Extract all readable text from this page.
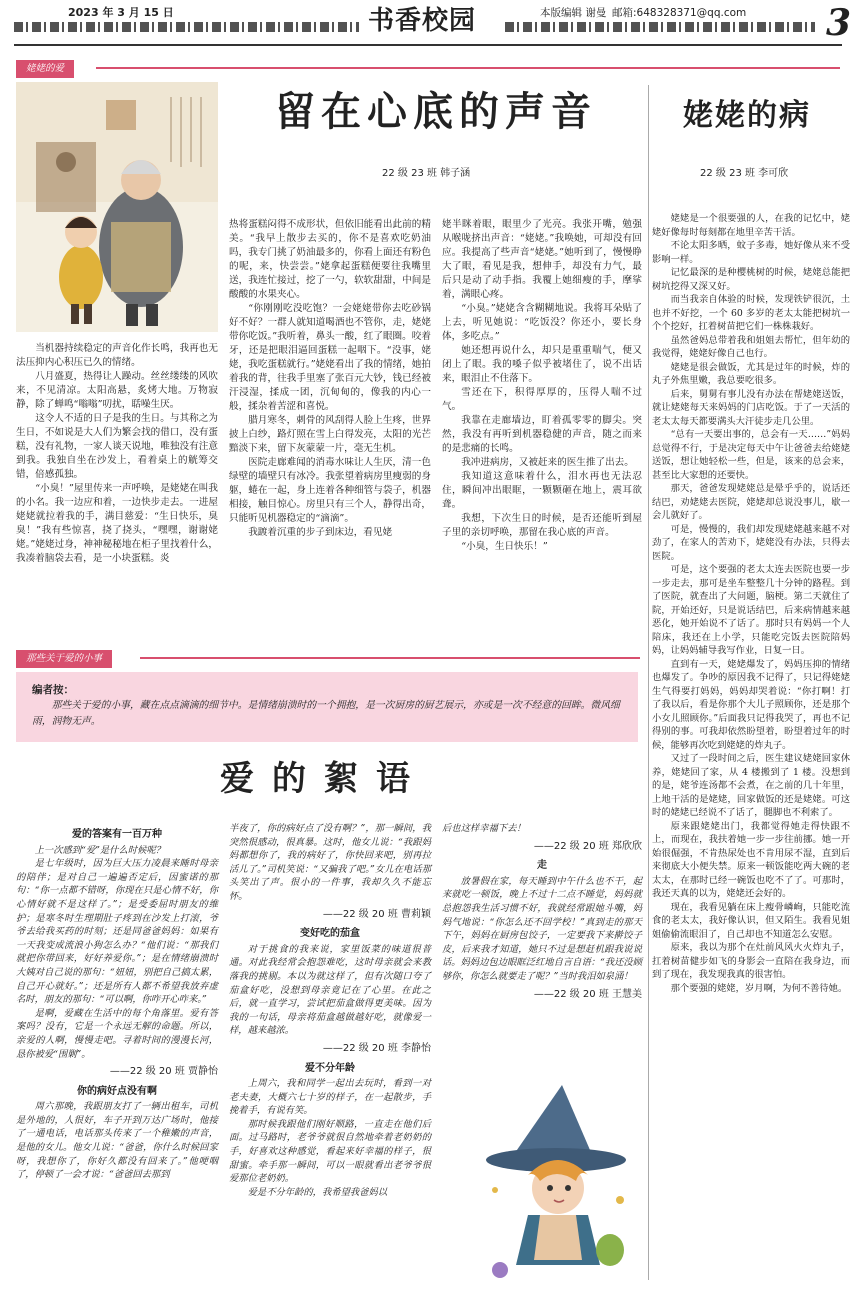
2023 年 3 月 15 日	书香校园	本版编辑 谢曼 邮箱:648328371@qq.com 3
姥姥的爱
留在心底的声音
22 级 23 班 韩子涵
姥姥的病
22 级 23 班 李可欣

当机器持续稳定的声音化作长鸣，我再也无法压抑内心积压已久的情绪。

八月盛夏，热得让人躁动。丝丝缕缕的风吹来，不见清凉。太阳高悬，炙烤大地。万物寂静，除了蝉鸣“嗡嗡”叨扰，聒噪生厌。

这令人不适的日子是我的生日。与其称之为生日，不如说是大人们为繁会找的借口，没有蛋糕，没有礼物，一家人谈天说地，唯独没有注意到我。我独自坐在沙发上，看着桌上的觥筹交错，倍感孤独。

“小臭！”屋里传来一声呼唤，是姥姥在叫我的小名。我一边应和着，一边快步走去。一进屋姥姥就拉着我的手，满目慈爱：“生日快乐，臭臭！”我有些惊喜，挠了挠头，“嘿嘿，谢谢姥姥。”姥姥过身，神神秘秘地在柜子里找着什么，我凑着脑袋去看，是一小块蛋糕。炎

热将蛋糕闷得不成形状，但依旧能看出此前的精美。“我早上散步去买的，你不是喜欢吃奶油吗，我专门挑了奶油最多的，你看上面还有粉色的呢，来，快尝尝。”姥拿起蛋糕便要往我嘴里送，我连忙接过，挖了一勺，软软甜甜，中间是酸酸的水果夹心。

“你刚刚吃没吃饱？一会姥姥带你去吃砂锅好不好？一群人就知道喝酒也不管你，走，姥姥带你吃饭。”我听着，鼻头一酸，红了眼圈。咬着牙，还是把眼泪逼回蛋糕一起咽下。“没事，姥姥，我吃蛋糕就行。”姥姥看出了我的情绪，她拍着我的背，往我手里塞了张百元大钞，钱已经被汗浸湿，揉成一团，沉甸甸的，像我的内心一般，揉杂着苦涩和喜悦。

腊月寒冬，刺骨的风刮得人脸上生疼，世界披上白纱，路灯照在雪上白得发亮，太阳的光芒黯淡下来，留下灰蒙蒙一片，毫无生机。

医院走廊难闻的消毒水味让人生厌，清一色绿壁的墙壁只有冰冷。我张望着病房里瘦弱的身躯，蜷在一起，身上连着各种细管与袋子，机器相接，触目惊心。房里只有三个人，静得出奇，只能听见机器稳定的“滴滴”。

我踱着沉重的步子到床边，看见姥

姥半眯着眼，眼里少了光亮。我张开嘴，勉强从喉咙挤出声音：“姥姥。”我唤她，可却没有回应。我提高了些声音“姥姥。”她听到了，慢慢睁大了眼，看见是我，想伸手，却没有力气，最后只是动了动手指。我覆上她细瘦的手，摩挲着，满眼心疼。

“小臭。”姥姥含含糊糊地说。我将耳朵贴了上去，听见她说：“吃饭没？你还小，要长身体，多吃点。”

她还想再说什么，却只是重重喘气，便又闭上了眼。我的嗓子似乎被堵住了，说不出话来，眼泪止不住落下。

雪还在下，积得厚厚的，压得人喘不过气。

我靠在走廊墙边，盯着孤零零的脚尖。突然，我没有再听到机器稳健的声音，随之而来的是悲痛的长鸣。

我冲进病房，又被赶来的医生推了出去。

我知道这意味着什么，泪水再也无法忍住，瞬间冲出眼眶，一颗颗砸在地上，震耳欲聋。

我想，下次生日的时候，是否还能听到屋子里的亲切呼唤，那留在我心底的声音。

“小臭，生日快乐！”

姥姥是一个很要强的人，在我的记忆中，姥姥好像每时每刻都在地里辛苦干活。

不论太阳多晒，蚊子多毒，她好像从来不受影响一样。

记忆最深的是种樱桃树的时候，姥姥总能把树坑挖得又深又好。

而当我亲自体验的时候，发现铁铲很沉，土也并不好挖，一个 60 多岁的老太太能把树坑一个个挖好，扛着树苗把它们一株株栽好。

虽然爸妈总带着我和姐姐去帮忙，但年幼的我觉得，姥姥好像自己也行。

姥姥是很会做饭，尤其是过年的时候，炸的丸子外焦里嫩，我总要吃很多。

后来，舅舅有事儿没有办法在帮姥姥送饭，就让姥姥每天来妈妈的门店吃饭。于了一天活的老太太每天都要满头大汗徒步走几公里。

“总有一天要出事的，总会有一天……”妈妈总觉得不行，于是决定每天中午让爸爸去给姥姥送饭，想让她轻松一些，但是，该来的总会来，甚至比大家想的还要快。

那天，爸爸发现姥姥总是晕乎乎的，说话还结巴，劝姥姥去医院，姥姥却总说没事儿，歇一会儿就好了。

可是，慢慢的，我们却发现姥姥越来越不对劲了，在家人的苦劝下，姥姥没有办法，只得去医院。

可是，这个要强的老太太连去医院也要一步一步走去，那可是坐车整整几十分钟的路程。到了医院，就查出了大问题，脑梗。第二天就住了院，开始还好，只是说话结巴，后来病情越来越恶化，她开始说不了话了。那时只有妈妈一个人陪床，我还在上小学，只能吃完饭去医院陪妈妈，让妈妈辅导我写作业，日复一日。

直到有一天，姥姥爆发了，妈妈压抑的情绪也爆发了。争吵的原因我不记得了，只记得姥姥生气得要打妈妈，妈妈却哭着说：“你打啊！打了我以后，看是你那个大儿子照顾你，还是那个小女儿照顾你。”后面我只记得我哭了，再也不记得别的事。可我却依然盼望着，盼望着过年的时候，能够再次吃到姥姥的炸丸子。

又过了一段时间之后，医生建议姥姥回家休养，姥姥回了家，从 4 楼搬到了 1 楼。没想到的是，姥爷连汤都不会煮，在之前的几十年里，上地干活的是姥姥，回家做饭的还是姥姥。可这时的姥姥已经说不了话了，腿脚也不利索了。

原来跟姥姥出门，我都觉得她走得快跟不上，而现在，我扶着她一步一步往前挪。她一开始很倔强，不肯热尿处也不肯用尿不湿，直到后来彻底大小便失禁。原来一顿饭能吃两大碗的老太太，在那时已经一碗饭也吃不了了。可那时，我还天真的以为，姥姥还会好的。

现在，我看见躺在床上瘦骨嶙峋，只能吃流食的老太太，我好像认识，但又陌生。我看见姐姐偷偷流眼泪了，自己却也不知道怎么安慰。

原来，我以为那个在灶前风风火火炸丸子，扛着树苗健步如飞的身影会一直陪在我身边，而到了现在，我发现我真的很害怕。

那个要强的姥姥，岁月啊，为何不善待她。

那些关于爱的小事
编者按：
那些关于爱的小事，藏在点点滴滴的细节中。是情绪崩溃时的一个拥抱，是一次厨房的厨艺展示，亦或是一次不经意的回眸。微风细雨，润物无声。
爱的絮语
爱的答案有一百万种

上一次感到“爱”是什么时候呢？

是七年级时，因为巨大压力凌晨来睡时母亲的陪伴；是对自己一遍遍否定后，因蜜诺的那句：“你一点都不错呀，你现在只是心情不好，你心情好就不是这样了。”；是受委屈时朋友的维护；是寒冬时生理期肚子疼到在沙发上打滚，爷爷去给我买药的时刻；还是同爸爸妈妈：如果有一天我变成流浪小狗怎么办？“他们说：“那我们就把你带回来，好好养爱你。”；是在情绪崩溃时大姨对自己说的那句：“妞妞，别把自己搞太累，自己开心就好。”；还是所有人都不希望我放弃虚名时，朋友的那句：“可以啊，你咋开心咋来。”

是啊，爱藏在生活中的每个角落里。爱有答案吗？没有，它是一个永远无解的命题。所以，亲爱的人啊，慢慢走吧。寻着时间的漫漫长河，恳你被爱“围剿”。

——22 级 20 班 贾静怡
你的病好点没有啊

周六那晚，我跟朋友打了一辆出租车，司机是外地的，人很好，车子开到万达广场时，他接了一通电话，电话那头传来了一个稚嫩的声音，是他的女儿。他女儿说：“爸爸，你什么时候回家呀，我想你了，你好久都没有回来了。”他哽咽了，停顿了一会才说：“爸爸回去那到

半夜了，你的病好点了没有啊？”，那一瞬间，我突然很感动，很真暴。这时，他女儿说：“我跟妈妈都想你了，我的病好了，你快回来吧，别再拉活儿了。”司机笑说：“又骗我了吧。”女儿在电话那头笑出了声。很小的一件事，我却久久不能忘怀。

——22 级 20 班 曹莉颖
变好吃的茄盒

对于挑食的我来说，家里饭菜的味道很普通。对此我经常会抱怨难吃，这时母亲就会来教落我的挑剔。本以为就这样了，但有次随口夸了茄盒好吃，没想到母亲竟记在了心里。在此之后，就一直学习，尝试把茄盒做得更美味。因为我的一句话，母亲将茄盒越做越好吃，就像爱一样，越来越浓。

——22 级 20 班 李静怡
爱不分年龄

上周六，我和同学一起出去玩时，看到一对老夫妻，大概六七十岁的样子，在一起散步，手挽着手，有说有笑。

那时候我跟他们刚好顺路，一直走在他们后面。过马路时，老爷爷就很自然地牵着老奶奶的手，好喜欢这种感觉，看起来好幸福的样子，很甜蜜。牵手那一瞬间，可以一眼就看出老爷爷很爱那位老奶奶。

爱是不分年龄的，我希望我爸妈以

后也这样幸福下去！

——22 级 20 班 郑欣欣
走

放暑假在家，每天睡到中午什么也不干，起来就吃一顿饭，晚上不过十二点不睡觉，妈妈就总抱怨我生活习惯不好，我就经常跟她斗嘴，妈妈气地说：“你怎么还不回学校！”真到走的那天下午，妈妈在厨房包饺子，一定要我下来擀饺子皮，后来我才知道，她只不过是想赶机跟我说说话。妈妈边包边眼眶泛红地自言自语：“我还没顾够你，你怎么就要走了呢？”当时我泪如泉涌！

——22 级 20 班 王慧美
